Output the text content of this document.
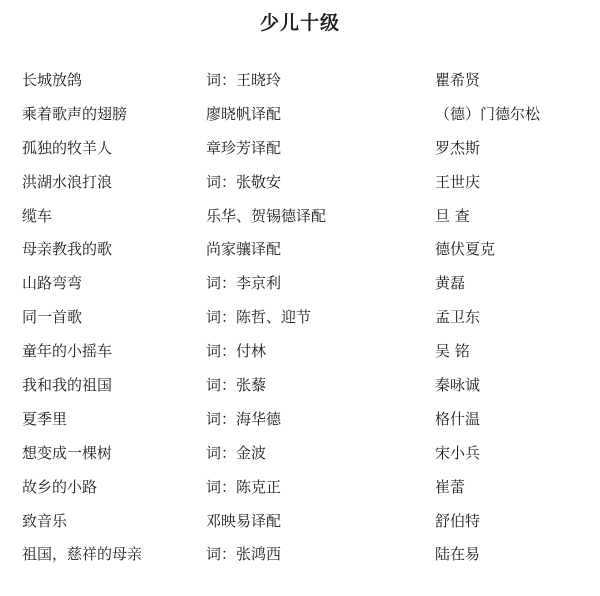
少儿十级
长城放鸽	词：王晓玲	瞿希贤
乘着歌声的翅膀	廖晓帆译配	（德）门德尔松
孤独的牧羊人	章珍芳译配	罗杰斯
洪湖水浪打浪	词：张敬安	王世庆
缆车	乐华、贺锡德译配	旦 查
母亲教我的歌	尚家骧译配	德伏夏克
山路弯弯	词：李京利	黄磊
同一首歌	词：陈哲、迎节	孟卫东
童年的小摇车	词：付林	吴 铭
我和我的祖国	词：张藜	秦咏诚
夏季里	词：海华德	格什温
想变成一棵树	词：金波	宋小兵
故乡的小路	词：陈克正	崔蕾
致音乐	邓映易译配	舒伯特
祖国，慈祥的母亲	词：张鸿西	陆在易
